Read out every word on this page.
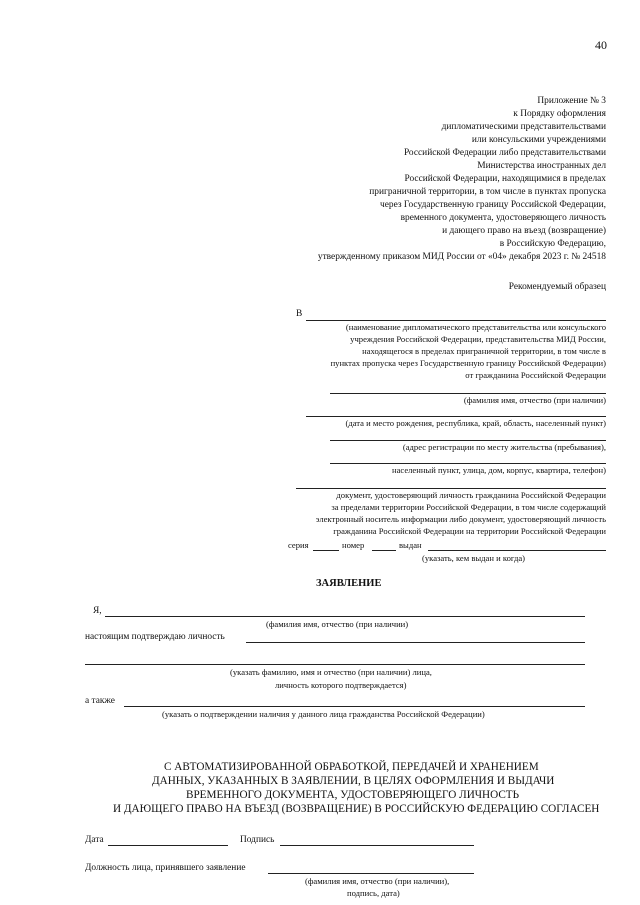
40
Приложение № 3
к Порядку оформления
дипломатическими представительствами
или консульскими учреждениями
Российской Федерации либо представительствами
Министерства иностранных дел
Российской Федерации, находящимися в пределах
приграничной территории, в том числе в пунктах пропуска
через Государственную границу Российской Федерации,
временного документа, удостоверяющего личность
и дающего право на въезд (возвращение)
в Российскую Федерацию,
утвержденному приказом МИД России от «04» декабря 2023 г. № 24518
Рекомендуемый образец
В
(наименование дипломатического представительства или консульского
учреждения Российской Федерации, представительства МИД России,
находящегося в пределах приграничной территории, в том числе в
пунктах пропуска через Государственную границу Российской Федерации)
от гражданина Российской Федерации
(фамилия имя, отчество (при наличии)
(дата и место рождения, республика, край, область, населенный пункт)
(адрес регистрации по месту жительства (пребывания),
населенный пункт, улица, дом, корпус, квартира, телефон)
документ, удостоверяющий личность гражданина Российской Федерации
за пределами территории Российской Федерации, в том числе содержащий
электронный носитель информации либо документ, удостоверяющий личность
гражданина Российской Федерации на территории Российской Федерации
серия	номер	выдан
(указать, кем выдан и когда)
ЗАЯВЛЕНИЕ
Я,
(фамилия имя, отчество (при наличии)
настоящим подтверждаю личность
(указать фамилию, имя и отчество (при наличии) лица,
личность которого подтверждается)
а также
(указать о подтверждении наличия у данного лица гражданства Российской Федерации)
С АВТОМАТИЗИРОВАННОЙ ОБРАБОТКОЙ, ПЕРЕДАЧЕЙ И ХРАНЕНИЕМ
ДАННЫХ, УКАЗАННЫХ В ЗАЯВЛЕНИИ, В ЦЕЛЯХ ОФОРМЛЕНИЯ И ВЫДАЧИ
ВРЕМЕННОГО ДОКУМЕНТА, УДОСТОВЕРЯЮЩЕГО ЛИЧНОСТЬ
И ДАЮЩЕГО ПРАВО НА ВЪЕЗД (ВОЗВРАЩЕНИЕ) В РОССИЙСКУЮ ФЕДЕРАЦИЮ СОГЛАСЕН
Дата	Подпись
Должность лица, принявшего заявление
(фамилия имя, отчество (при наличии),
подпись, дата)
